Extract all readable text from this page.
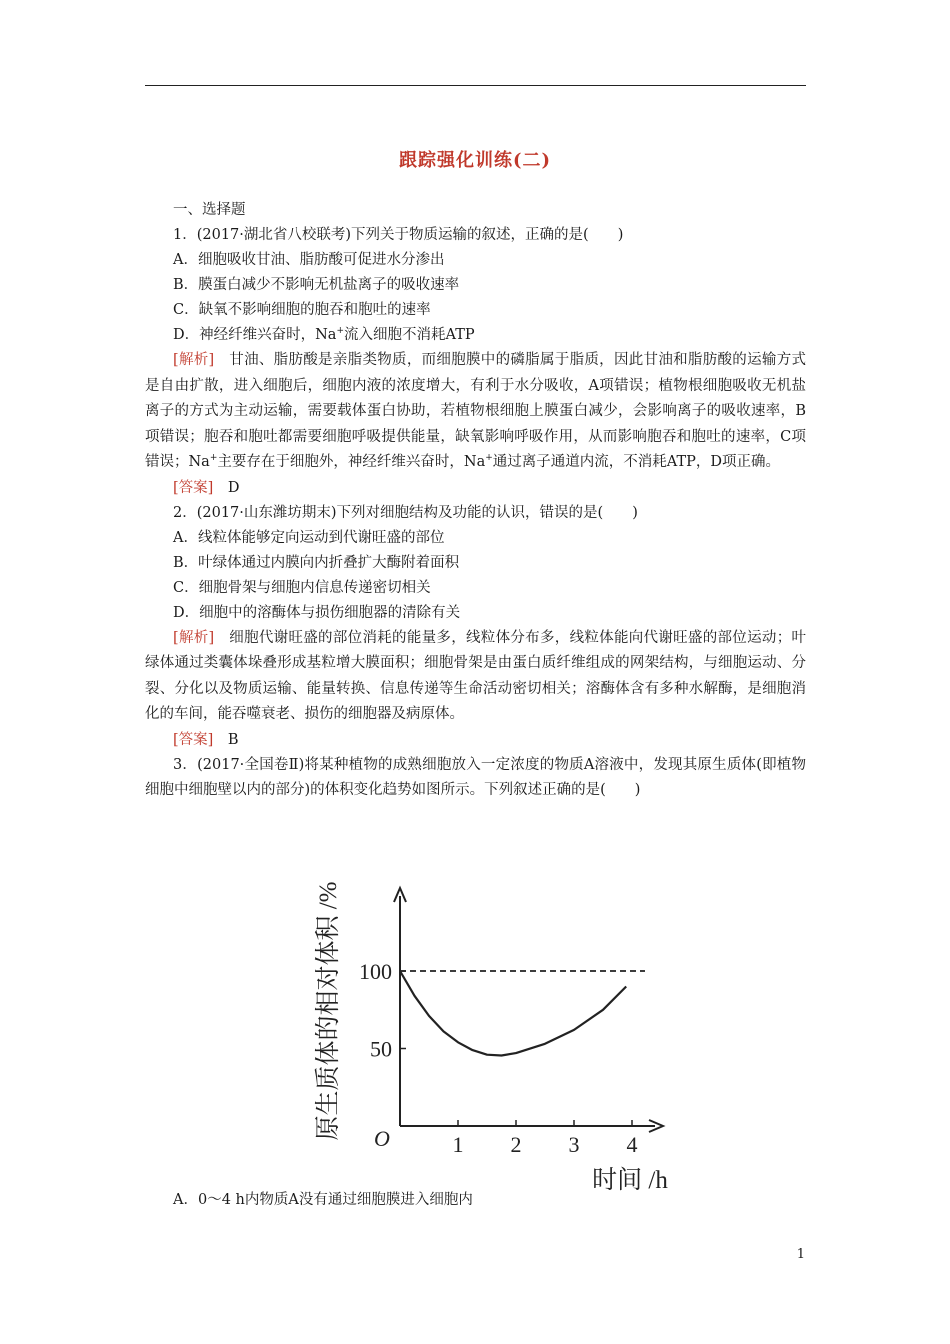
跟踪强化训练(二)
一、选择题
1．(2017·湖北省八校联考)下列关于物质运输的叙述，正确的是(　　)
A．细胞吸收甘油、脂肪酸可促进水分渗出
B．膜蛋白减少不影响无机盐离子的吸收速率
C．缺氧不影响细胞的胞吞和胞吐的速率
D．神经纤维兴奋时，Na+流入细胞不消耗ATP
[解析]　甘油、脂肪酸是亲脂类物质，而细胞膜中的磷脂属于脂质，因此甘油和脂肪酸的运输方式是自由扩散，进入细胞后，细胞内液的浓度增大，有利于水分吸收，A项错误；植物根细胞吸收无机盐离子的方式为主动运输，需要载体蛋白协助，若植物根细胞上膜蛋白减少，会影响离子的吸收速率，B项错误；胞吞和胞吐都需要细胞呼吸提供能量，缺氧影响呼吸作用，从而影响胞吞和胞吐的速率，C项错误；Na+主要存在于细胞外，神经纤维兴奋时，Na+通过离子通道内流，不消耗ATP，D项正确。
[答案]　D
2．(2017·山东潍坊期末)下列对细胞结构及功能的认识，错误的是(　　)
A．线粒体能够定向运动到代谢旺盛的部位
B．叶绿体通过内膜向内折叠扩大酶附着面积
C．细胞骨架与细胞内信息传递密切相关
D．细胞中的溶酶体与损伤细胞器的清除有关
[解析]　细胞代谢旺盛的部位消耗的能量多，线粒体分布多，线粒体能向代谢旺盛的部位运动；叶绿体通过类囊体垛叠形成基粒增大膜面积；细胞骨架是由蛋白质纤维组成的网架结构，与细胞运动、分裂、分化以及物质运输、能量转换、信息传递等生命活动密切相关；溶酶体含有多种水解酶，是细胞消化的车间，能吞噬衰老、损伤的细胞器及病原体。
[答案]　B
3．(2017·全国卷Ⅱ)将某种植物的成熟细胞放入一定浓度的物质A溶液中，发现其原生质体(即植物细胞中细胞壁以内的部分)的体积变化趋势如图所示。下列叙述正确的是(　　)
1 2 3 4
50
100
O
原生质体的相对体积 /%
时间 /h
A．0～4 h内物质A没有通过细胞膜进入细胞内
1
